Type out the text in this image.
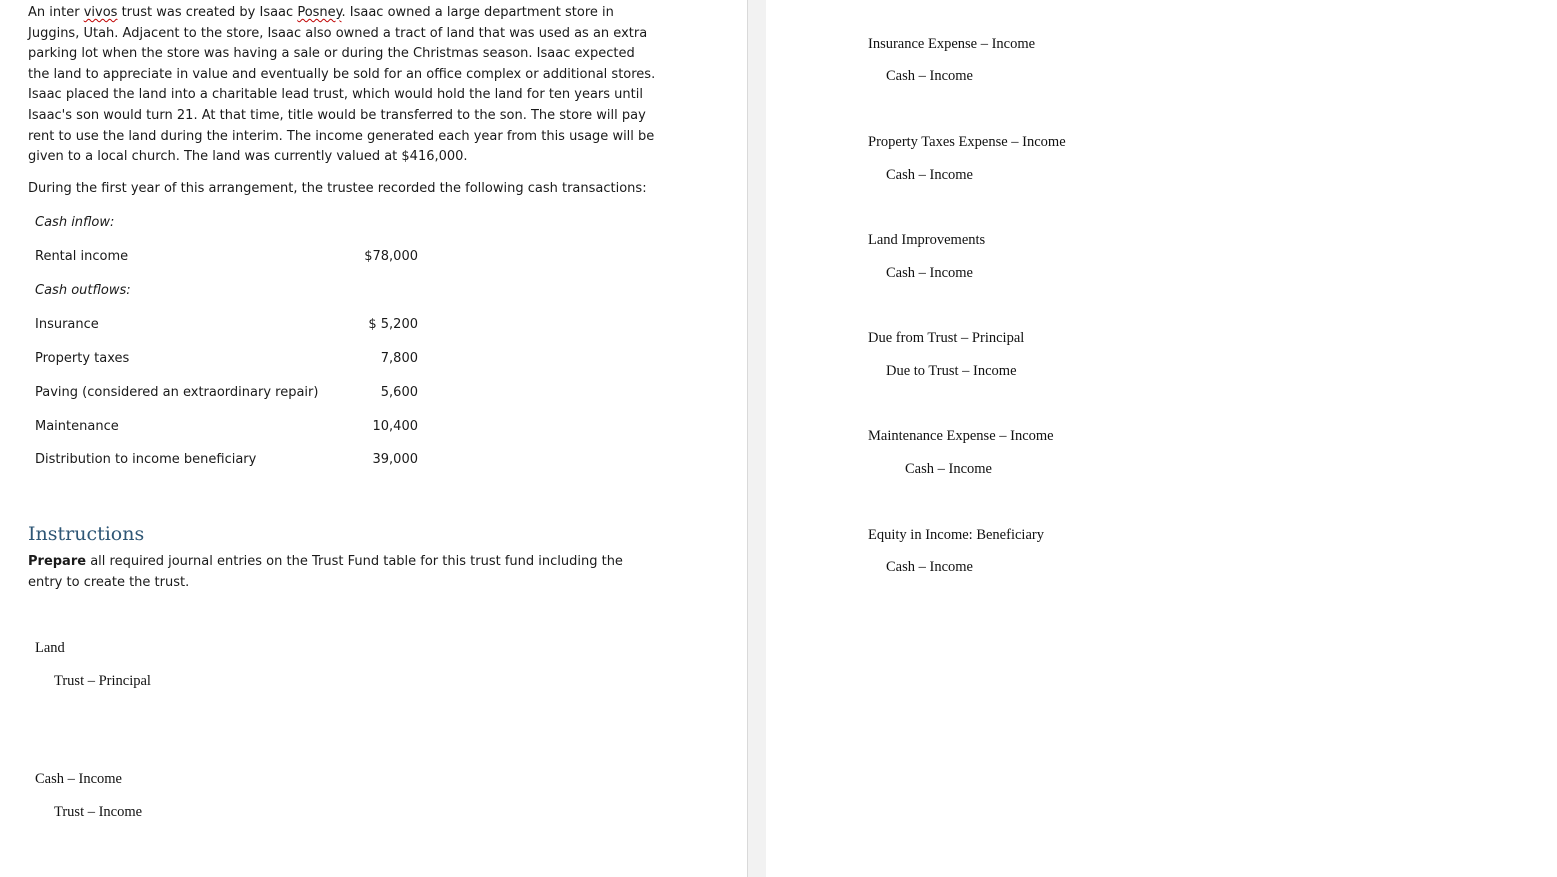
An inter vivos trust was created by Isaac Posney. Isaac owned a large department store in Juggins, Utah. Adjacent to the store, Isaac also owned a tract of land that was used as an extra parking lot when the store was having a sale or during the Christmas season. Isaac expected the land to appreciate in value and eventually be sold for an office complex or additional stores. Isaac placed the land into a charitable lead trust, which would hold the land for ten years until Isaac's son would turn 21. At that time, title would be transferred to the son. The store will pay rent to use the land during the interim. The income generated each year from this usage will be given to a local church. The land was currently valued at $416,000.

During the first year of this arrangement, the trustee recorded the following cash transactions:

Cash inflow:

Rental income

Cash outflows:

Insurance

Property taxes

Paving (considered an extraordinary repair)

Maintenance

Distribution to income beneficiary

$78,000

$ 5,200

7,800

5,600

10,400

39,000

Instructions

Prepare all required journal entries on the Trust Fund table for this trust fund including the entry to create the trust.

Land

Trust – Principal

Cash – Income

Trust – Income

Insurance Expense – Income

Cash – Income

Property Taxes Expense – Income

Cash – Income

Land Improvements

Cash – Income

Due from Trust – Principal

Due to Trust – Income

Maintenance Expense – Income

Cash – Income

Equity in Income: Beneficiary

Cash – Income
